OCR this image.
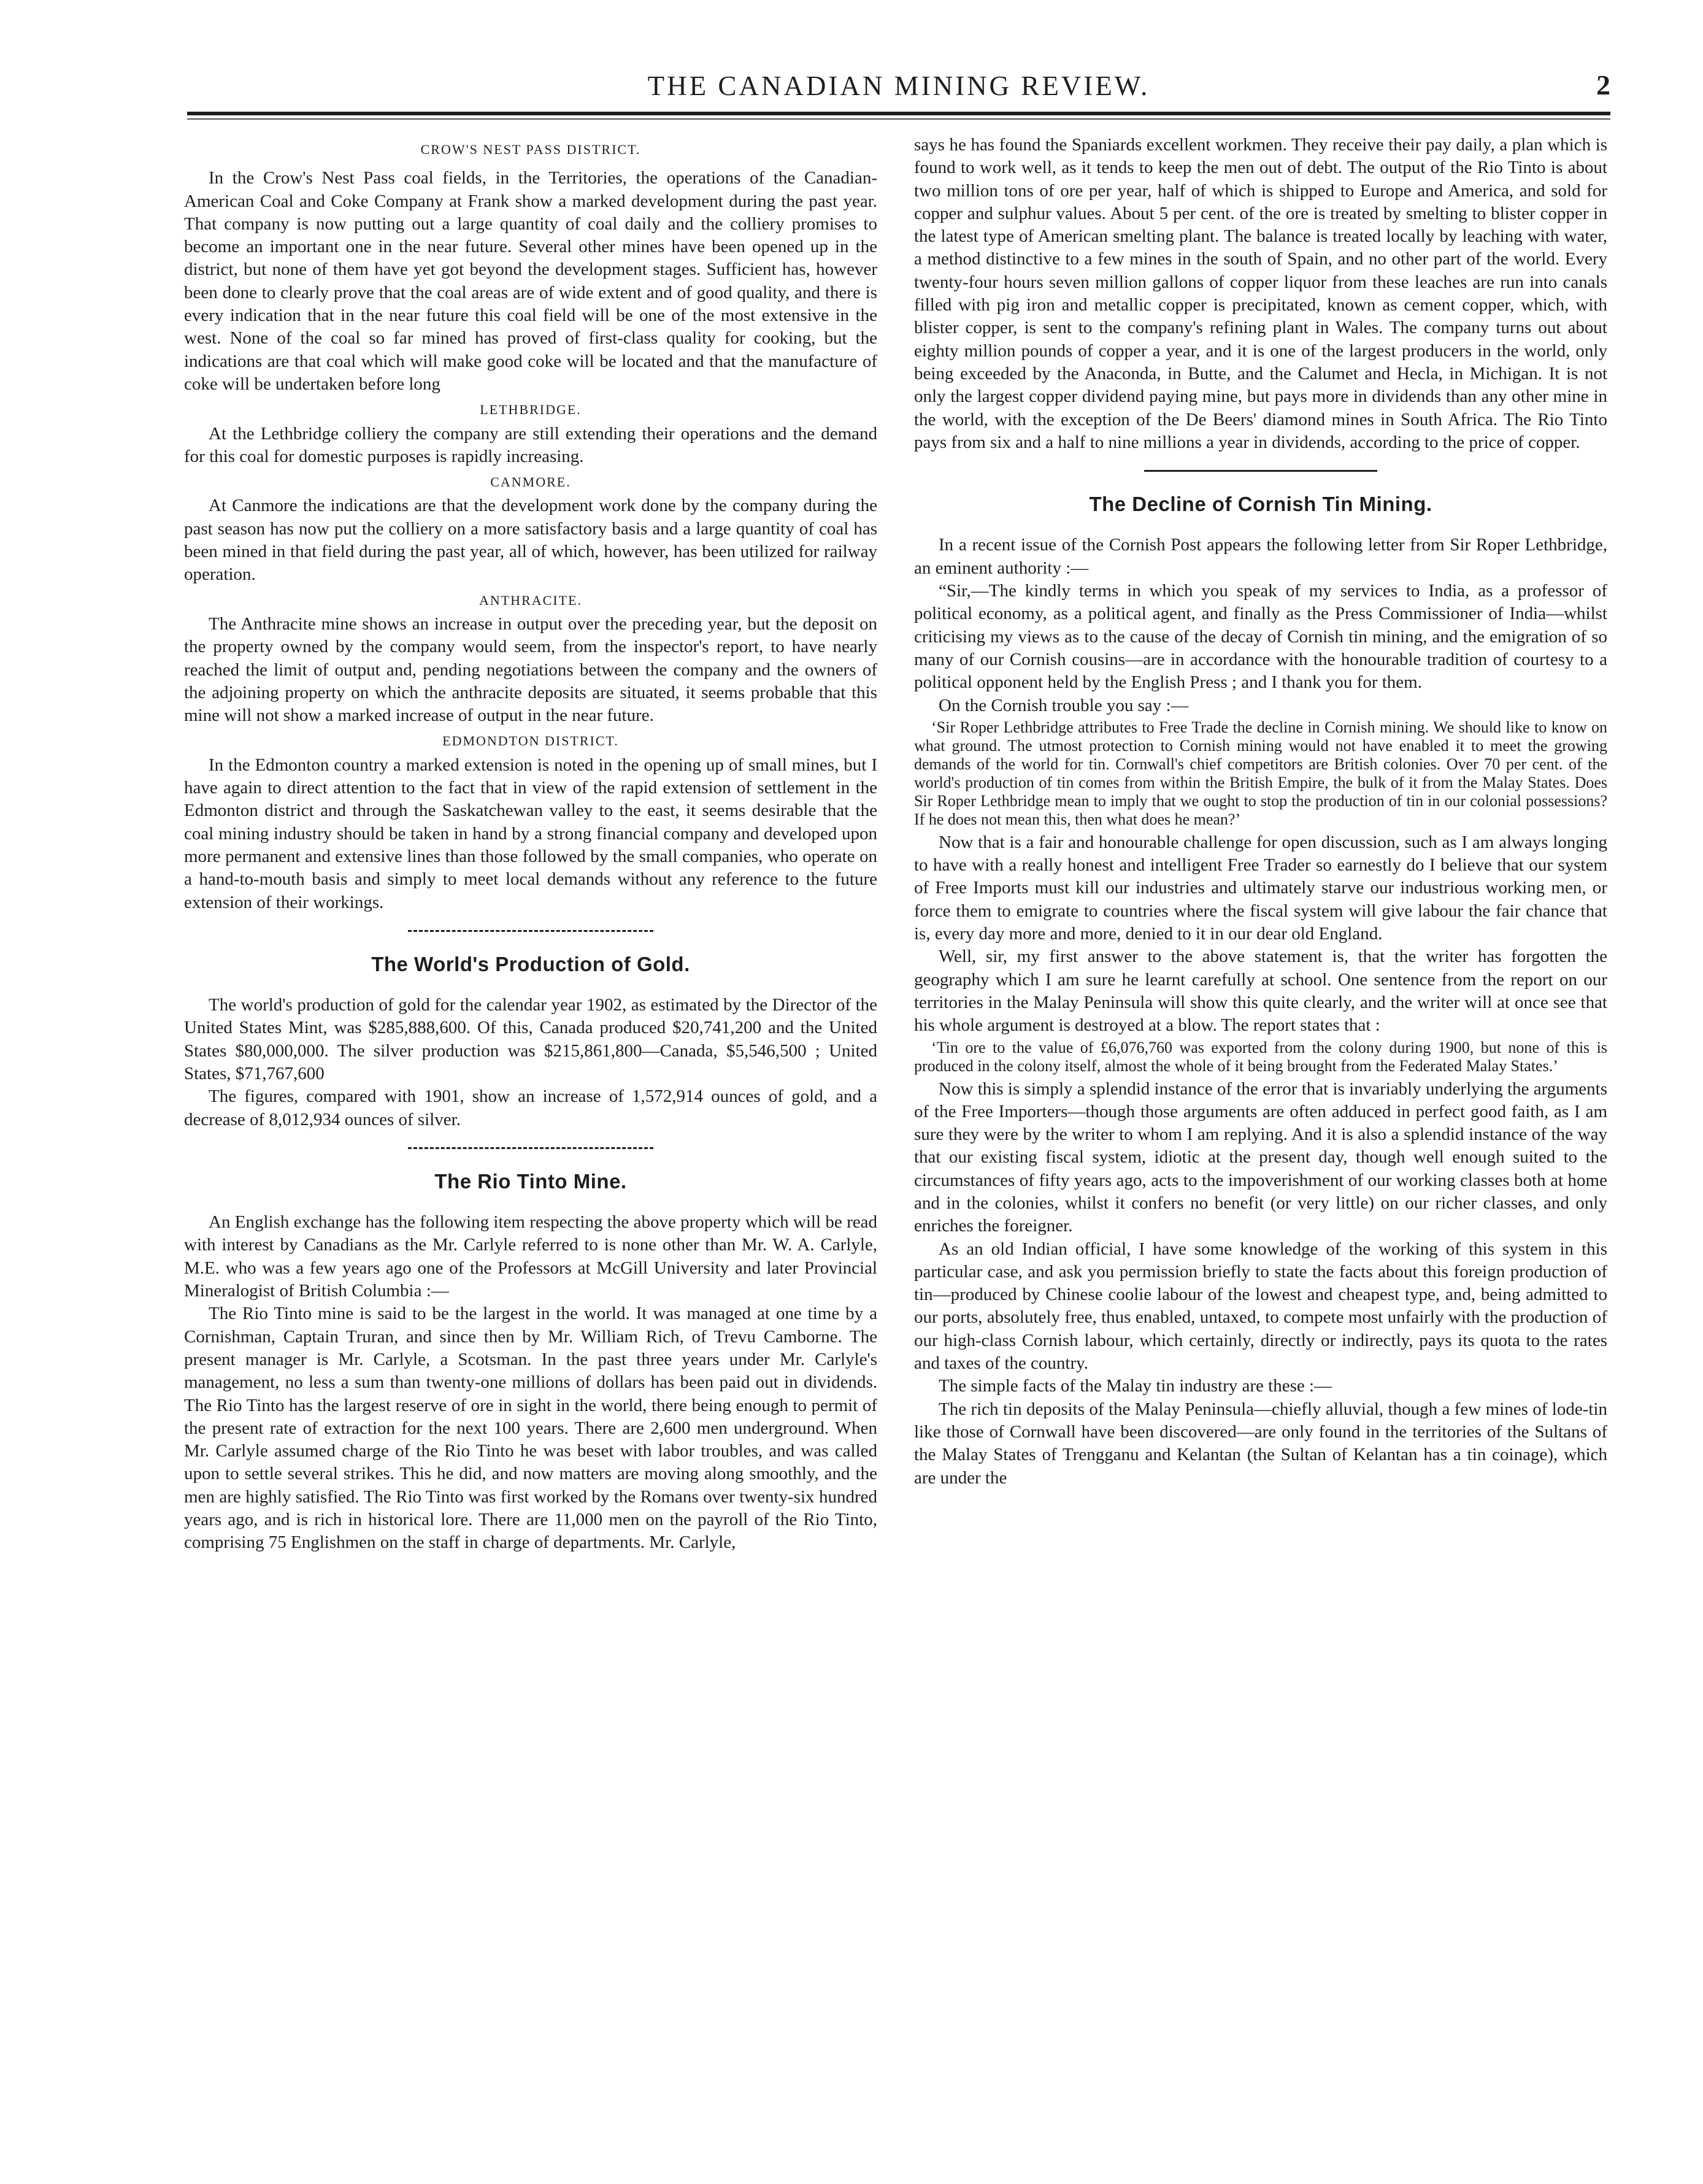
THE CANADIAN MINING REVIEW.	2
CROW'S NEST PASS DISTRICT.

In the Crow's Nest Pass coal fields, in the Territories, the operations of the Canadian-American Coal and Coke Company at Frank show a marked development during the past year. That company is now putting out a large quantity of coal daily and the colliery promises to become an important one in the near future. Several other mines have been opened up in the district, but none of them have yet got beyond the development stages. Sufficient has, however been done to clearly prove that the coal areas are of wide extent and of good quality, and there is every indication that in the near future this coal field will be one of the most extensive in the west. None of the coal so far mined has proved of first-class quality for cooking, but the indications are that coal which will make good coke will be located and that the manufacture of coke will be undertaken before long

LETHBRIDGE.

At the Lethbridge colliery the company are still extending their operations and the demand for this coal for domestic purposes is rapidly increasing.

CANMORE.

At Canmore the indications are that the development work done by the company during the past season has now put the colliery on a more satisfactory basis and a large quantity of coal has been mined in that field during the past year, all of which, however, has been utilized for railway operation.

ANTHRACITE.

The Anthracite mine shows an increase in output over the preceding year, but the deposit on the property owned by the company would seem, from the inspector's report, to have nearly reached the limit of output and, pending negotiations between the company and the owners of the adjoining property on which the anthracite deposits are situated, it seems probable that this mine will not show a marked increase of output in the near future.

EDMONDTON DISTRICT.

In the Edmonton country a marked extension is noted in the opening up of small mines, but I have again to direct attention to the fact that in view of the rapid extension of settlement in the Edmonton district and through the Saskatchewan valley to the east, it seems desirable that the coal mining industry should be taken in hand by a strong financial company and developed upon more permanent and extensive lines than those followed by the small companies, who operate on a hand-to-mouth basis and simply to meet local demands without any reference to the future extension of their workings.

The World's Production of Gold.

The world's production of gold for the calendar year 1902, as estimated by the Director of the United States Mint, was $285,888,600. Of this, Canada produced $20,741,200 and the United States $80,000,000. The silver production was $215,861,800—Canada, $5,546,500 ; United States, $71,767,600

The figures, compared with 1901, show an increase of 1,572,914 ounces of gold, and a decrease of 8,012,934 ounces of silver.

The Rio Tinto Mine.

An English exchange has the following item respecting the above property which will be read with interest by Canadians as the Mr. Carlyle referred to is none other than Mr. W. A. Carlyle, M.E. who was a few years ago one of the Professors at McGill University and later Provincial Mineralogist of British Columbia :—

The Rio Tinto mine is said to be the largest in the world. It was managed at one time by a Cornishman, Captain Truran, and since then by Mr. William Rich, of Trevu Camborne. The present manager is Mr. Carlyle, a Scotsman. In the past three years under Mr. Carlyle's management, no less a sum than twenty-one millions of dollars has been paid out in dividends. The Rio Tinto has the largest reserve of ore in sight in the world, there being enough to permit of the present rate of extraction for the next 100 years. There are 2,600 men underground. When Mr. Carlyle assumed charge of the Rio Tinto he was beset with labor troubles, and was called upon to settle several strikes. This he did, and now matters are moving along smoothly, and the men are highly satisfied. The Rio Tinto was first worked by the Romans over twenty-six hundred years ago, and is rich in historical lore. There are 11,000 men on the payroll of the Rio Tinto, comprising 75 Englishmen on the staff in charge of departments. Mr. Carlyle,

says he has found the Spaniards excellent workmen. They receive their pay daily, a plan which is found to work well, as it tends to keep the men out of debt. The output of the Rio Tinto is about two million tons of ore per year, half of which is shipped to Europe and America, and sold for copper and sulphur values. About 5 per cent. of the ore is treated by smelting to blister copper in the latest type of American smelting plant. The balance is treated locally by leaching with water, a method distinctive to a few mines in the south of Spain, and no other part of the world. Every twenty-four hours seven million gallons of copper liquor from these leaches are run into canals filled with pig iron and metallic copper is precipitated, known as cement copper, which, with blister copper, is sent to the company's refining plant in Wales. The company turns out about eighty million pounds of copper a year, and it is one of the largest producers in the world, only being exceeded by the Anaconda, in Butte, and the Calumet and Hecla, in Michigan. It is not only the largest copper dividend paying mine, but pays more in dividends than any other mine in the world, with the exception of the De Beers' diamond mines in South Africa. The Rio Tinto pays from six and a half to nine millions a year in dividends, according to the price of copper.

The Decline of Cornish Tin Mining.

In a recent issue of the Cornish Post appears the following letter from Sir Roper Lethbridge, an eminent authority :—

“Sir,—The kindly terms in which you speak of my services to India, as a professor of political economy, as a political agent, and finally as the Press Commissioner of India—whilst criticising my views as to the cause of the decay of Cornish tin mining, and the emigration of so many of our Cornish cousins—are in accordance with the honourable tradition of courtesy to a political opponent held by the English Press ; and I thank you for them.

On the Cornish trouble you say :—

‘Sir Roper Lethbridge attributes to Free Trade the decline in Cornish mining. We should like to know on what ground. The utmost protection to Cornish mining would not have enabled it to meet the growing demands of the world for tin. Cornwall's chief competitors are British colonies. Over 70 per cent. of the world's production of tin comes from within the British Empire, the bulk of it from the Malay States. Does Sir Roper Lethbridge mean to imply that we ought to stop the production of tin in our colonial possessions? If he does not mean this, then what does he mean?’

Now that is a fair and honourable challenge for open discussion, such as I am always longing to have with a really honest and intelligent Free Trader so earnestly do I believe that our system of Free Imports must kill our industries and ultimately starve our industrious working men, or force them to emigrate to countries where the fiscal system will give labour the fair chance that is, every day more and more, denied to it in our dear old England.

Well, sir, my first answer to the above statement is, that the writer has forgotten the geography which I am sure he learnt carefully at school. One sentence from the report on our territories in the Malay Peninsula will show this quite clearly, and the writer will at once see that his whole argument is destroyed at a blow. The report states that :

‘Tin ore to the value of £6,076,760 was exported from the colony during 1900, but none of this is produced in the colony itself, almost the whole of it being brought from the Federated Malay States.’

Now this is simply a splendid instance of the error that is invariably underlying the arguments of the Free Importers—though those arguments are often adduced in perfect good faith, as I am sure they were by the writer to whom I am replying. And it is also a splendid instance of the way that our existing fiscal system, idiotic at the present day, though well enough suited to the circumstances of fifty years ago, acts to the impoverishment of our working classes both at home and in the colonies, whilst it confers no benefit (or very little) on our richer classes, and only enriches the foreigner.

As an old Indian official, I have some knowledge of the working of this system in this particular case, and ask you permission briefly to state the facts about this foreign production of tin—produced by Chinese coolie labour of the lowest and cheapest type, and, being admitted to our ports, absolutely free, thus enabled, untaxed, to compete most unfairly with the production of our high-class Cornish labour, which certainly, directly or indirectly, pays its quota to the rates and taxes of the country.

The simple facts of the Malay tin industry are these :—

The rich tin deposits of the Malay Peninsula—chiefly alluvial, though a few mines of lode-tin like those of Cornwall have been discovered—are only found in the territories of the Sultans of the Malay States of Trengganu and Kelantan (the Sultan of Kelantan has a tin coinage), which are under the
